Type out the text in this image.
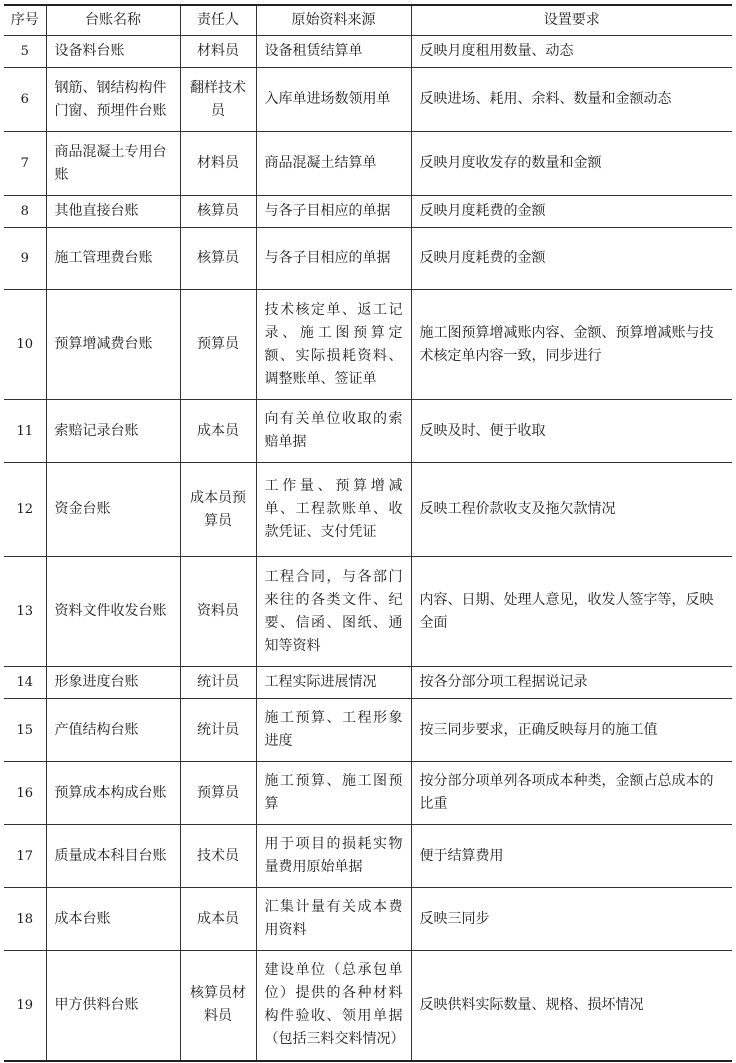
序号	台账名称	责任人	原始资料来源	设置要求
5	设备料台账	材料员	设备租赁结算单	反映月度租用数量、动态
6	钢筋、钢结构构件门窗、预埋件台账	翻样技术员	入库单进场数领用单	反映进场、耗用、余料、数量和金额动态
7	商品混凝土专用台账	材料员	商品混凝土结算单	反映月度收发存的数量和金额
8	其他直接台账	核算员	与各子目相应的单据	反映月度耗费的金额
9	施工管理费台账	核算员	与各子目相应的单据	反映月度耗费的金额
10	预算增减费台账	预算员	技术核定单、返工记录、施工图预算定额、实际损耗资料、调整账单、签证单	施工图预算增减账内容、金额、预算增减账与技术核定单内容一致，同步进行
11	索赔记录台账	成本员	向有关单位收取的索赔单据	反映及时、便于收取
12	资金台账	成本员预算员	工作量、预算增减单、工程款账单、收款凭证、支付凭证	反映工程价款收支及拖欠款情况
13	资料文件收发台账	资料员	工程合同，与各部门来往的各类文件、纪要、信函、图纸、通知等资料	内容、日期、处理人意见，收发人签字等，反映全面
14	形象进度台账	统计员	工程实际进展情况	按各分部分项工程据说记录
15	产值结构台账	统计员	施工预算、工程形象进度	按三同步要求，正确反映每月的施工值
16	预算成本构成台账	预算员	施工预算、施工图预算	按分部分项单列各项成本种类，金额占总成本的比重
17	质量成本科目台账	技术员	用于项目的损耗实物量费用原始单据	便于结算费用
18	成本台账	成本员	汇集计量有关成本费用资料	反映三同步
19	甲方供料台账	核算员材料员	建设单位（总承包单位）提供的各种材料构件验收、领用单据（包括三料交料情况）	反映供料实际数量、规格、损坏情况
